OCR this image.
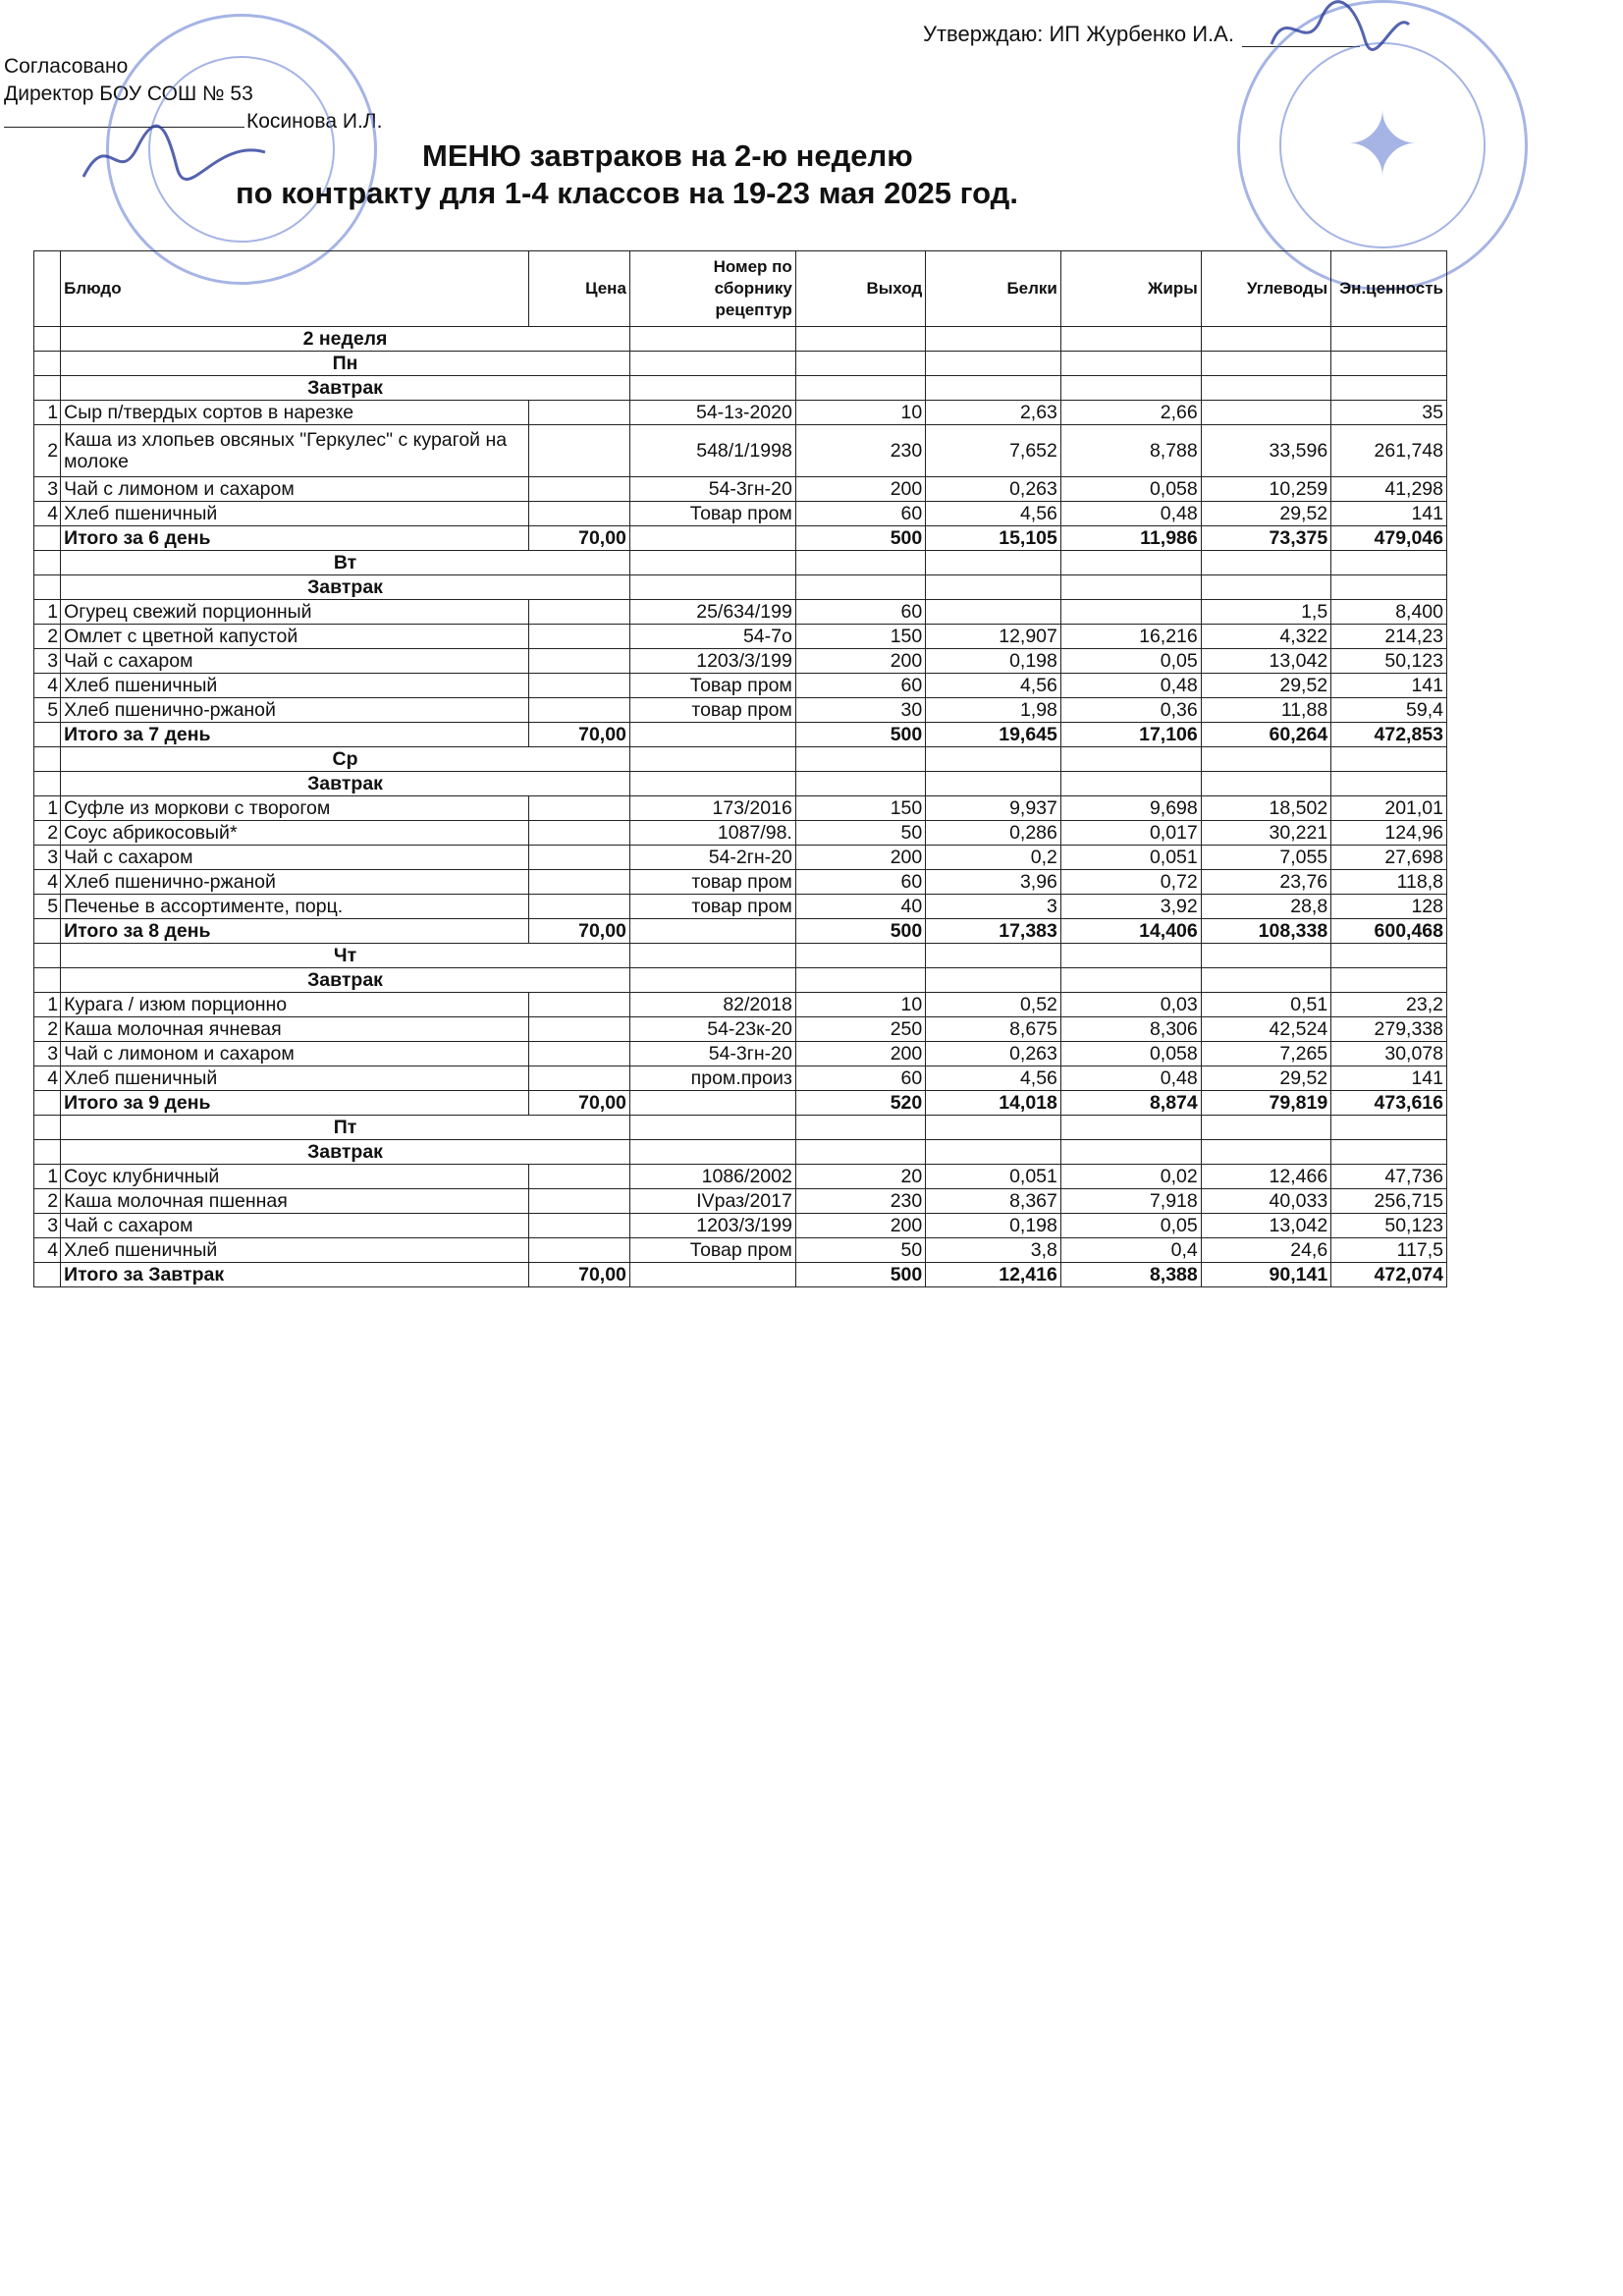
Утверждаю: ИП Журбенко И.А.
Согласовано
Директор БОУ СОШ № 53
Косинова И.Л.	✦
МЕНЮ завтраков на 2-ю неделю
по контракту для 1-4 классов на 19-23 мая 2025 год.
	Блюдо	Цена	Номер по сборнику рецептур	Выход	Белки	Жиры	Углеводы	Эн.ценность
	2 неделя							
	Пн							
	Завтрак							
1	Сыр п/твердых сортов в нарезке		54-1з-2020	10	2,63	2,66		35
2	Каша из хлопьев овсяных "Геркулес" с курагой на молоке		548/1/1998	230	7,652	8,788	33,596	261,748
3	Чай с лимоном и сахаром		54-3гн-20	200	0,263	0,058	10,259	41,298
4	Хлеб пшеничный		Товар пром	60	4,56	0,48	29,52	141
	Итого за 6 день	70,00		500	15,105	11,986	73,375	479,046
	Вт							
	Завтрак							
1	Огурец свежий порционный		25/634/199	60			1,5	8,400
2	Омлет с цветной капустой		54-7о	150	12,907	16,216	4,322	214,23
3	Чай с сахаром		1203/3/199	200	0,198	0,05	13,042	50,123
4	Хлеб пшеничный		Товар пром	60	4,56	0,48	29,52	141
5	Хлеб пшенично-ржаной		товар пром	30	1,98	0,36	11,88	59,4
	Итого за 7 день	70,00		500	19,645	17,106	60,264	472,853
	Ср							
	Завтрак							
1	Суфле из моркови с творогом		173/2016	150	9,937	9,698	18,502	201,01
2	Соус абрикосовый*		1087/98.	50	0,286	0,017	30,221	124,96
3	Чай с сахаром		54-2гн-20	200	0,2	0,051	7,055	27,698
4	Хлеб пшенично-ржаной		товар пром	60	3,96	0,72	23,76	118,8
5	Печенье в ассортименте, порц.		товар пром	40	3	3,92	28,8	128
	Итого за 8 день	70,00		500	17,383	14,406	108,338	600,468
	Чт							
	Завтрак							
1	Курага / изюм порционно		82/2018	10	0,52	0,03	0,51	23,2
2	Каша молочная ячневая		54-23к-20	250	8,675	8,306	42,524	279,338
3	Чай с лимоном и сахаром		54-3гн-20	200	0,263	0,058	7,265	30,078
4	Хлеб пшеничный		пром.произ	60	4,56	0,48	29,52	141
	Итого за 9 день	70,00		520	14,018	8,874	79,819	473,616
	Пт							
	Завтрак							
1	Соус клубничный		1086/2002	20	0,051	0,02	12,466	47,736
2	Каша молочная пшенная		IVраз/2017	230	8,367	7,918	40,033	256,715
3	Чай с сахаром		1203/3/199	200	0,198	0,05	13,042	50,123
4	Хлеб пшеничный		Товар пром	50	3,8	0,4	24,6	117,5
	Итого за Завтрак	70,00		500	12,416	8,388	90,141	472,074
